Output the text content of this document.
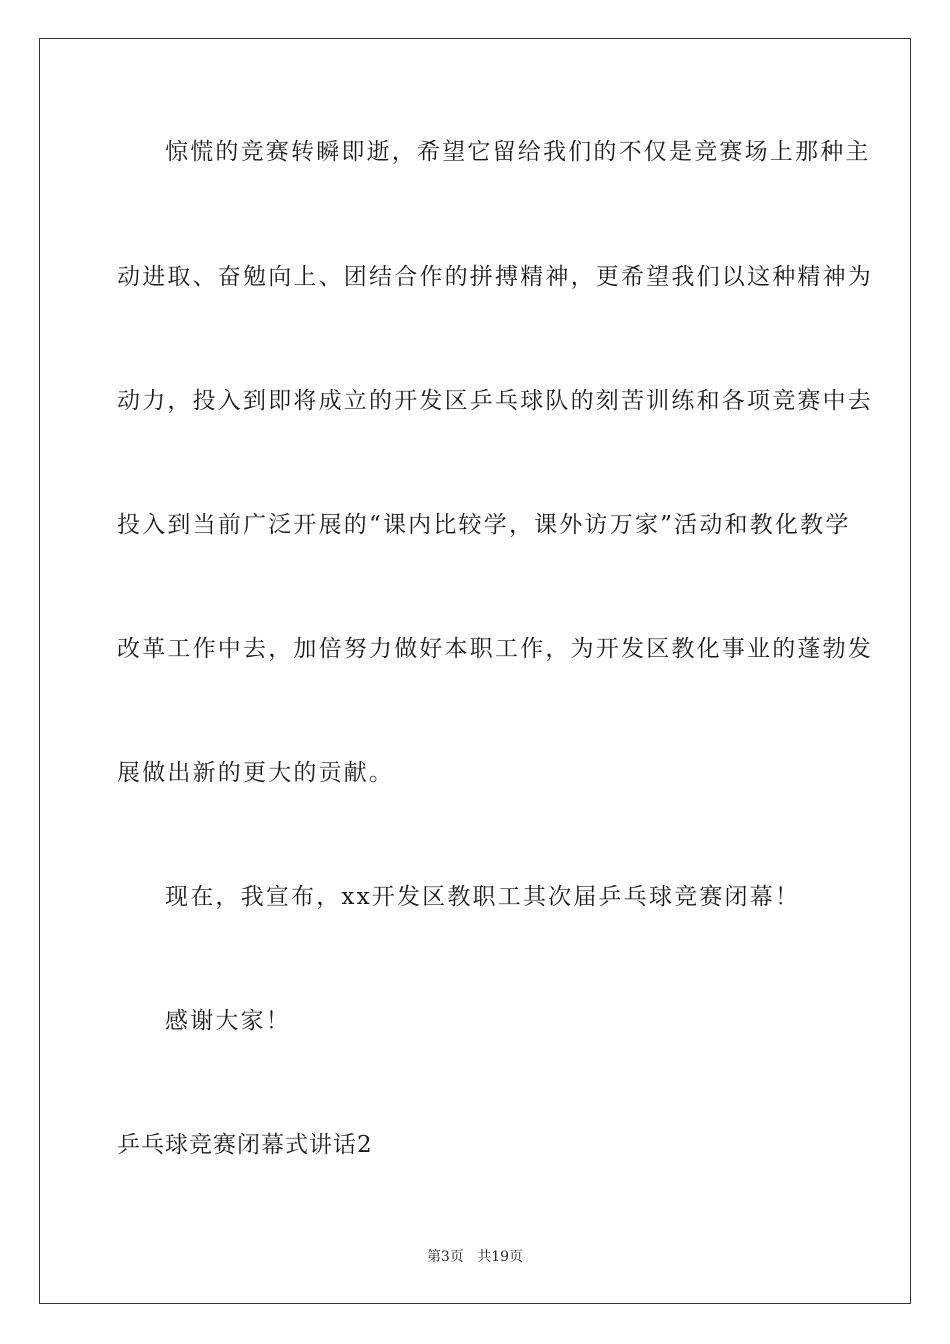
惊慌的竞赛转瞬即逝，希望它留给我们的不仅是竞赛场上那种主
动进取、奋勉向上、团结合作的拼搏精神，更希望我们以这种精神为
动力，投入到即将成立的开发区乒乓球队的刻苦训练和各项竞赛中去
投入到当前广泛开展的“课内比较学，课外访万家”活动和教化教学
改革工作中去，加倍努力做好本职工作，为开发区教化事业的蓬勃发
展做出新的更大的贡献。
现在，我宣布，xx开发区教职工其次届乒乓球竞赛闭幕！
感谢大家！
乒乓球竞赛闭幕式讲话2
第3页 共19页
